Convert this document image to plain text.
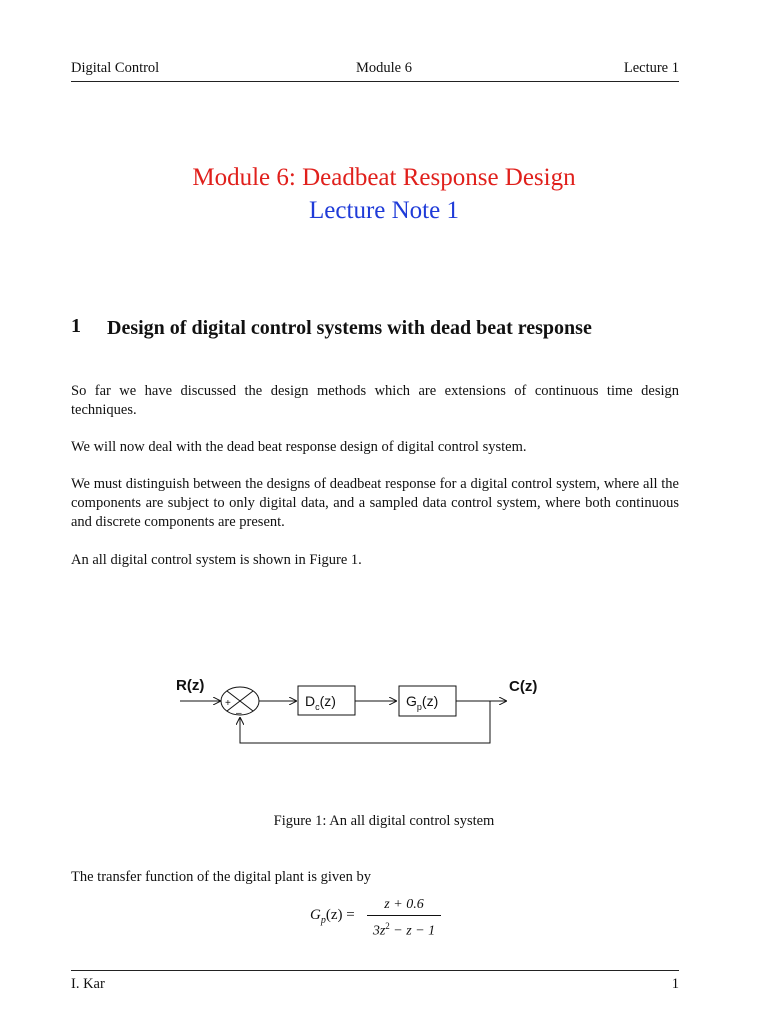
Digital Control	Module 6	Lecture 1
Module 6: Deadbeat Response Design
Lecture Note 1
1 Design of digital control systems with dead beat response
So far we have discussed the design methods which are extensions of continuous time design techniques.
We will now deal with the dead beat response design of digital control system.
We must distinguish between the designs of deadbeat response for a digital control system, where all the components are subject to only digital data, and a sampled data control system, where both continuous and discrete components are present.
An all digital control system is shown in Figure 1.
R(z)
+
–
$D_c(z)$	$G_p(z)$
C(z)
Figure 1: An all digital control system
The transfer function of the digital plant is given by
$G_p(z)$ =
z + 0.6
$3z^2 - z - 1$
I. Kar	1
